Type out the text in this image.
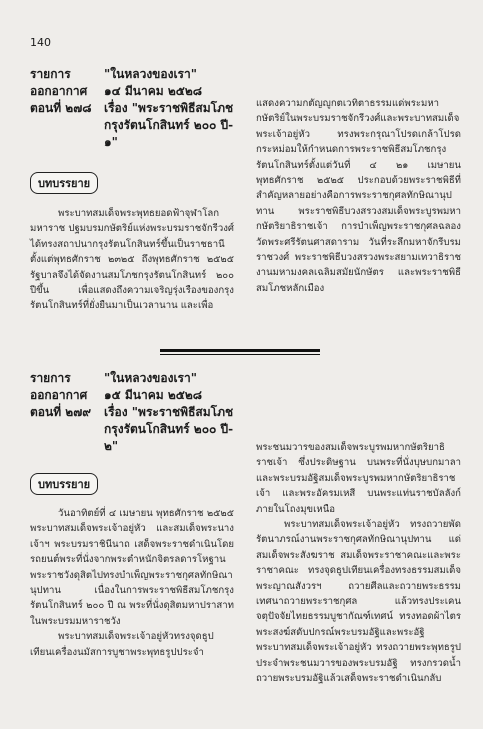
140
รายการ
ออกอากาศ
ตอนที่ ๒๗๘
"ในหลวงของเรา"
๑๔ มีนาคม ๒๕๒๘
เรื่อง "พระราชพิธีสมโภช
กรุงรัตนโกสินทร์ ๒๐๐ ปี-
๑"
บทบรรยาย

พระบาทสมเด็จพระพุทธยอดฟ้าจุฬาโลกมหาราช ปฐมบรมกษัตริย์แห่งพระบรมราชจักรีวงศ์ได้ทรงสถาปนากรุงรัตนโกสินทร์ขึ้นเป็นราชธานีตั้งแต่พุทธศักราช ๒๓๒๕ ถึงพุทธศักราช ๒๕๒๕ รัฐบาลจึงได้จัดงานสมโภชกรุงรัตนโกสินทร์ ๒๐๐ ปีขึ้น เพื่อแสดงถึงความเจริญรุ่งเรืองของกรุงรัตนโกสินทร์ที่ยั่งยืนมาเป็นเวลานาน และเพื่อ

แสดงความกตัญญูกตเวทิตาธรรมแด่พระมหากษัตริย์ในพระบรมราชจักรีวงศ์และพระบาทสมเด็จพระเจ้าอยู่หัว ทรงพระกรุณาโปรดเกล้าโปรดกระหม่อมให้กำหนดการพระราชพิธีสมโภชกรุงรัตนโกสินทร์ตั้งแต่วันที่ ๔ ๒๑ เมษายน พุทธศักราช ๒๕๒๕ ประกอบด้วยพระราชพิธีที่สำคัญหลายอย่างคือการพระราชกุศลทักษิณานุปทาน พระราชพิธีบวงสรวงสมเด็จพระบูรพมหากษัตริยาธิราชเจ้า การบำเพ็ญพระราชกุศลฉลองวัดพระศรีรัตนศาสดาราม วันที่ระลึกมหาจักรีบรมราชวงศ์ พระราชพิธีบวงสรวงพระสยามเทวาธิราช งานมหามงคลเฉลิมสมัยนักษัตร และพระราชพิธีสมโภชหลักเมือง

รายการ
ออกอากาศ
ตอนที่ ๒๗๙
"ในหลวงของเรา"
๑๕ มีนาคม ๒๕๒๘
เรื่อง "พระราชพิธีสมโภช
กรุงรัตนโกสินทร์ ๒๐๐ ปี-
๒"
บทบรรยาย

วันอาทิตย์ที่ ๔ เมษายน พุทธศักราช ๒๕๒๕ พระบาทสมเด็จพระเจ้าอยู่หัว และสมเด็จพระนางเจ้าฯ พระบรมราชินีนาถ เสด็จพระราชดำเนินโดยรถยนต์พระที่นั่งจากพระตำหนักจิตรลดารโหฐาน พระราชวังดุสิตไปทรงบำเพ็ญพระราชกุศลทักษิณานุปทาน เนื่องในการพระราชพิธีสมโภชกรุงรัตนโกสินทร์ ๒๐๐ ปี ณ พระที่นั่งดุสิตมหาปราสาทในพระบรมมหาราชวัง

พระบาทสมเด็จพระเจ้าอยู่หัวทรงจุดธูปเทียนเครื่องนมัสการบูชาพระพุทธรูปประจำ

พระชนมวารของสมเด็จพระบูรพมหากษัตริยาธิราชเจ้า ซึ่งประดิษฐาน บนพระที่นั่งบุษบกมาลา และพระบรมอัฐิสมเด็จพระบูรพมหากษัตริยาธิราชเจ้า และพระอัครมเหสี บนพระแท่นราชบัลลังก์ภายในโถงมุขเหนือ

พระบาทสมเด็จพระเจ้าอยู่หัว ทรงถวายพัดรัตนาภรณ์งานพระราชกุศลทักษิณานุปทาน แด่สมเด็จพระสังฆราช สมเด็จพระราชาคณะและพระราชาคณะ ทรงจุดธูปเทียนเครื่องทรงธรรมสมเด็จพระญาณสังวรฯ ถวายศีลและถวายพระธรรมเทศนาถวายพระราชกุศล แล้วทรงประเคนจตุปัจจัยไทยธรรมบูชากัณฑ์เทศน์ ทรงทอดผ้าไตร พระสงฆ์สดับปกรณ์พระบรมอัฐิและพระอัฐิ พระบาทสมเด็จพระเจ้าอยู่หัว ทรงถวายพระพุทธรูปประจำพระชนมวารของพระบรมอัฐิ ทรงกรวดน้ำถวายพระบรมอัฐิแล้วเสด็จพระราชดำเนินกลับ
